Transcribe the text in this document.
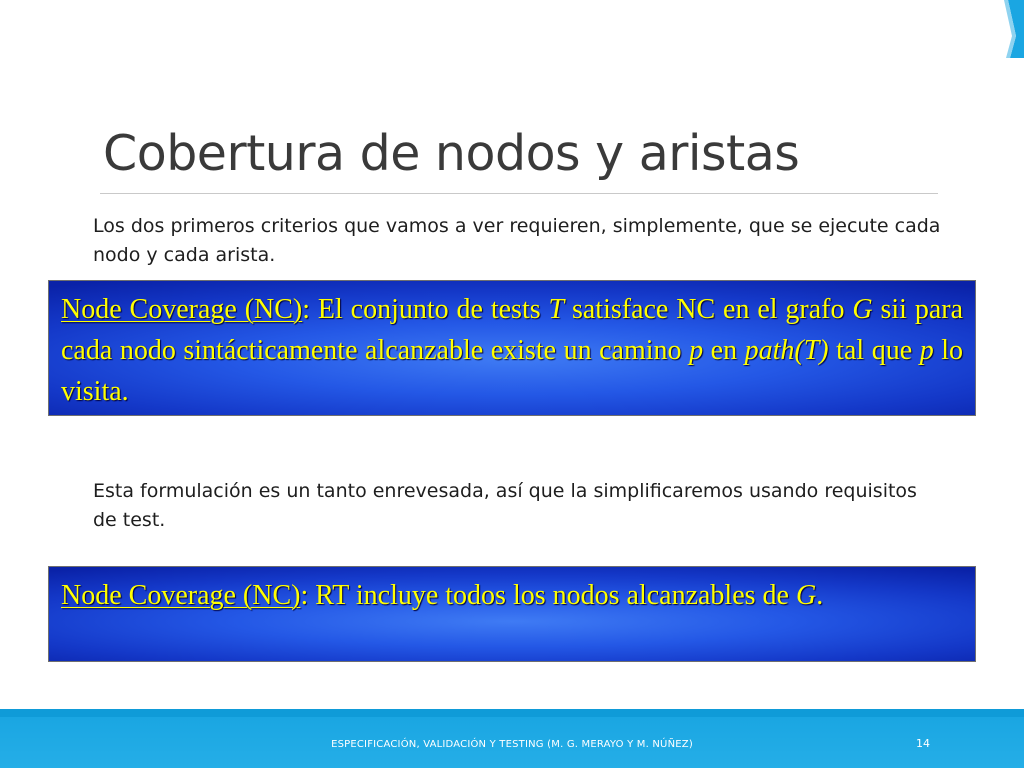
Cobertura de nodos y aristas

Los dos primeros criterios que vamos a ver requieren, simplemente, que se ejecute cada nodo y cada arista.

Node Coverage (NC): El conjunto de tests T satisface NC en el grafo G sii para cada nodo sintácticamente alcanzable existe un camino p en path(T) tal que p lo visita.

Esta formulación es un tanto enrevesada, así que la simplificaremos usando requisitos de test.

Node Coverage (NC): RT incluye todos los nodos alcanzables de G.
ESPECIFICACIÓN, VALIDACIÓN Y TESTING (M. G. MERAYO Y M. NÚÑEZ)	14
